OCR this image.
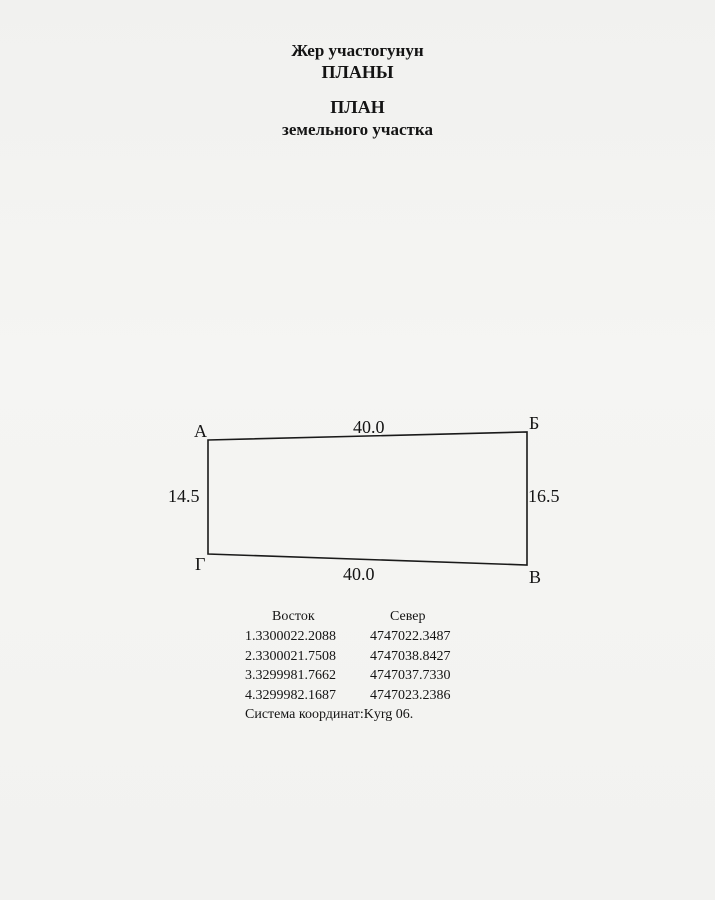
Жер участогунун
ПЛАНЫ
ПЛАН
земельного участка
А	Б
В
Г
40.0
40.0
14.5	16.5
Восток	Север
1.3300022.2088 4747022.3487
2.3300021.7508 4747038.8427
3.3299981.7662 4747037.7330
4.3299982.1687 4747023.2386
Система координат:Kyrg 06.
